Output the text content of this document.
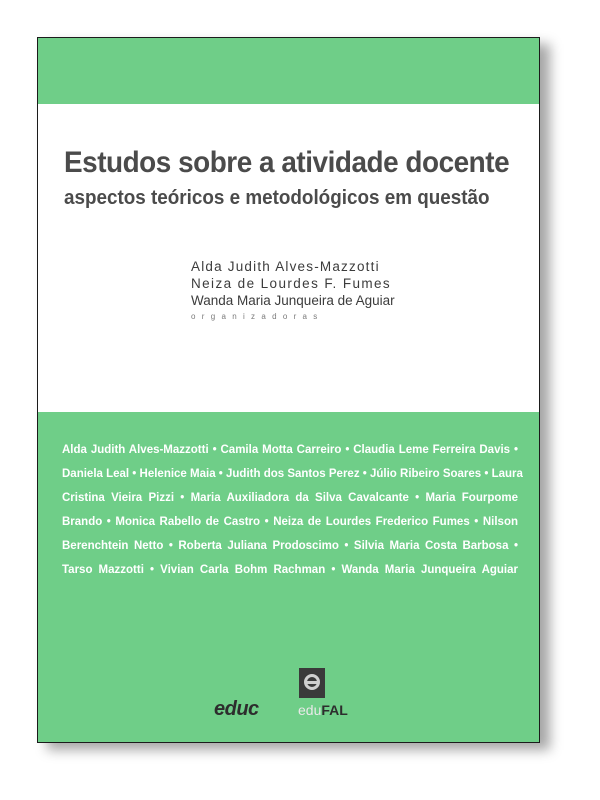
Estudos sobre a atividade docente
aspectos teóricos e metodológicos em questão
Alda Judith Alves-Mazzotti
Neiza de Lourdes F. Fumes
Wanda Maria Junqueira de Aguiar
organizadoras

Alda Judith Alves-Mazzotti • Camila Motta Carreiro • Claudia Leme Ferreira Davis •
Daniela Leal • Helenice Maia • Judith dos Santos Perez • Júlio Ribeiro Soares • Laura
Cristina Vieira Pizzi • Maria Auxiliadora da Silva Cavalcante • Maria Fourpome
Brando • Monica Rabello de Castro • Neiza de Lourdes Frederico Fumes • Nilson
Berenchtein Netto • Roberta Juliana Prodoscimo • Silvia Maria Costa Barbosa •
Tarso Mazzotti • Vivian Carla Bohm Rachman • Wanda Maria Junqueira Aguiar

educ	eduFAL
